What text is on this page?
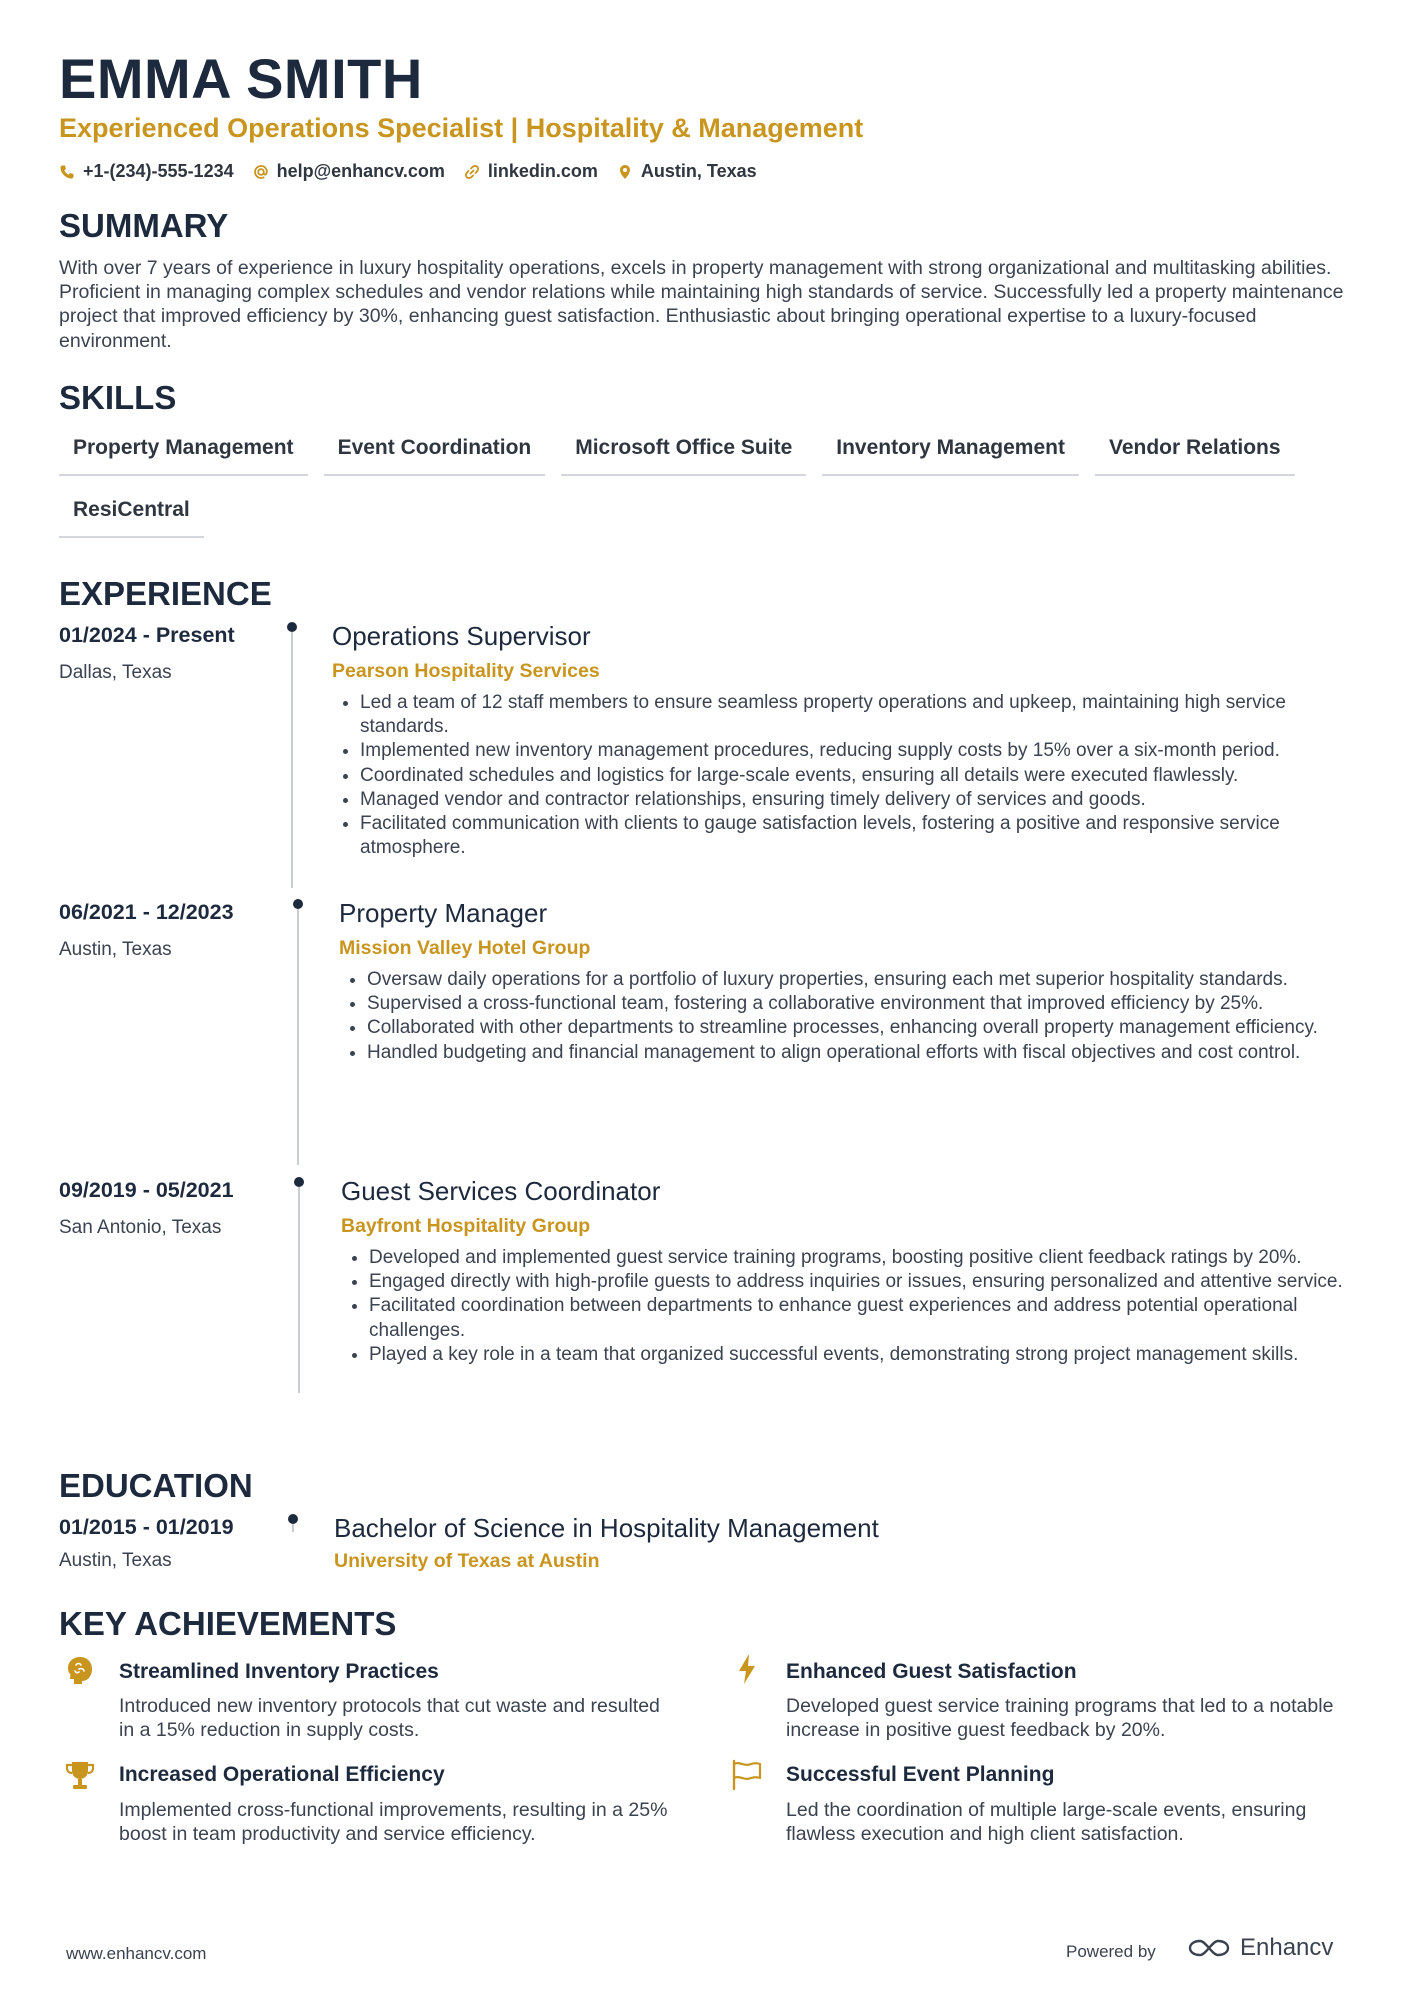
EMMA SMITH
Experienced Operations Specialist | Hospitality & Management
+1-(234)-555-1234 help@enhancv.com linkedin.com Austin, Texas
SUMMARY
With over 7 years of experience in luxury hospitality operations, excels in property management with strong organizational and multitasking abilities. Proficient in managing complex schedules and vendor relations while maintaining high standards of service. Successfully led a property maintenance project that improved efficiency by 30%, enhancing guest satisfaction. Enthusiastic about bringing operational expertise to a luxury-focused environment.
SKILLS
Property Management	Event Coordination	Microsoft Office Suite	Inventory Management	Vendor Relations
ResiCentral
EXPERIENCE
01/2024 - Present
Dallas, Texas
Operations Supervisor
Pearson Hospitality Services
• Led a team of 12 staff members to ensure seamless property operations and upkeep, maintaining high service standards.
• Implemented new inventory management procedures, reducing supply costs by 15% over a six-month period.
• Coordinated schedules and logistics for large-scale events, ensuring all details were executed flawlessly.
• Managed vendor and contractor relationships, ensuring timely delivery of services and goods.
• Facilitated communication with clients to gauge satisfaction levels, fostering a positive and responsive service atmosphere.
06/2021 - 12/2023
Austin, Texas
Property Manager
Mission Valley Hotel Group
• Oversaw daily operations for a portfolio of luxury properties, ensuring each met superior hospitality standards.
• Supervised a cross-functional team, fostering a collaborative environment that improved efficiency by 25%.
• Collaborated with other departments to streamline processes, enhancing overall property management efficiency.
• Handled budgeting and financial management to align operational efforts with fiscal objectives and cost control.
09/2019 - 05/2021
San Antonio, Texas
Guest Services Coordinator
Bayfront Hospitality Group
• Developed and implemented guest service training programs, boosting positive client feedback ratings by 20%.
• Engaged directly with high-profile guests to address inquiries or issues, ensuring personalized and attentive service.
• Facilitated coordination between departments to enhance guest experiences and address potential operational challenges.
• Played a key role in a team that organized successful events, demonstrating strong project management skills.
EDUCATION
01/2015 - 01/2019
Austin, Texas
Bachelor of Science in Hospitality Management
University of Texas at Austin
KEY ACHIEVEMENTS
Streamlined Inventory Practices
Introduced new inventory protocols that cut waste and resulted in a 15% reduction in supply costs.
Enhanced Guest Satisfaction
Developed guest service training programs that led to a notable increase in positive guest feedback by 20%.
Increased Operational Efficiency
Implemented cross-functional improvements, resulting in a 25% boost in team productivity and service efficiency.
Successful Event Planning
Led the coordination of multiple large-scale events, ensuring flawless execution and high client satisfaction.
www.enhancv.com	Powered by	Enhancv
